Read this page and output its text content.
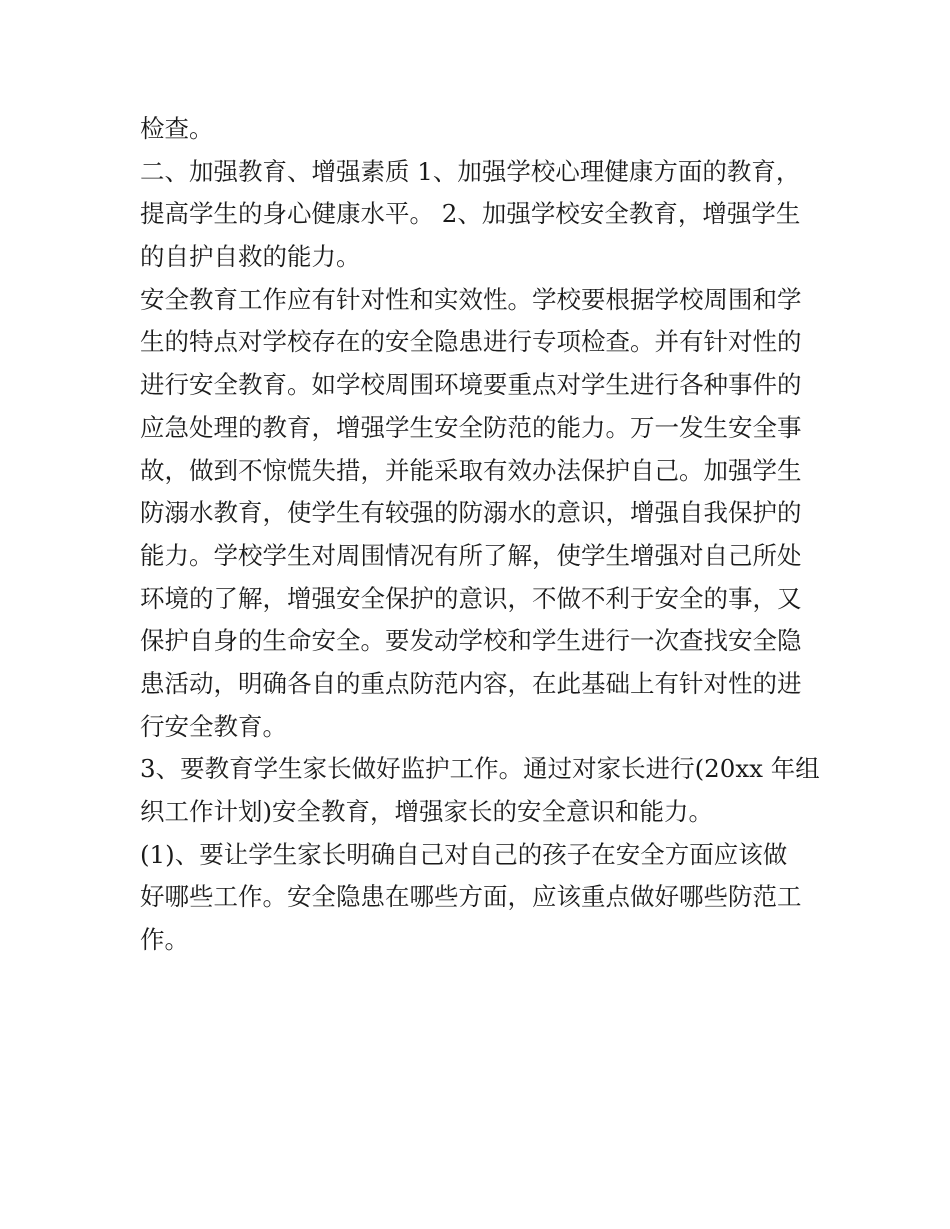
检查。
二、加强教育、增强素质 1、加强学校心理健康方面的教育，
提高学生的身心健康水平。 2、加强学校安全教育，增强学生
的自护自救的能力。
安全教育工作应有针对性和实效性。学校要根据学校周围和学
生的特点对学校存在的安全隐患进行专项检查。并有针对性的
进行安全教育。如学校周围环境要重点对学生进行各种事件的
应急处理的教育，增强学生安全防范的能力。万一发生安全事
故，做到不惊慌失措，并能采取有效办法保护自己。加强学生
防溺水教育，使学生有较强的防溺水的意识，增强自我保护的
能力。学校学生对周围情况有所了解，使学生增强对自己所处
环境的了解，增强安全保护的意识，不做不利于安全的事，又
保护自身的生命安全。要发动学校和学生进行一次查找安全隐
患活动，明确各自的重点防范内容，在此基础上有针对性的进
行安全教育。
3、要教育学生家长做好监护工作。通过对家长进行(20xx 年组
织工作计划)安全教育，增强家长的安全意识和能力。
(1)、要让学生家长明确自己对自己的孩子在安全方面应该做
好哪些工作。安全隐患在哪些方面，应该重点做好哪些防范工
作。
